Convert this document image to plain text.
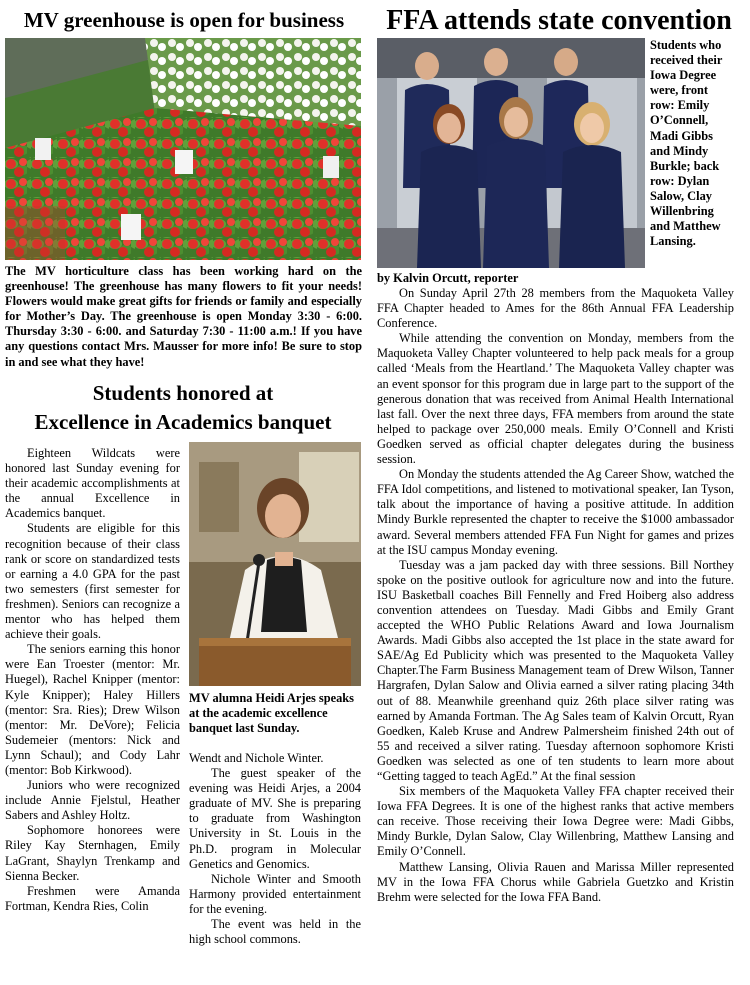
MV greenhouse is open for business

The MV horticulture class has been working hard on the greenhouse! The greenhouse has many flowers to fit your needs! Flowers would make great gifts for friends or family and especially for Mother’s Day. The greenhouse is open Monday 3:30 - 6:00. Thursday 3:30 - 6:00. and Saturday 7:30 - 11:00 a.m.! If you have any questions contact Mrs. Mausser for more info! Be sure to stop in and see what they have!

Students honored at
Excellence in Academics banquet

Eighteen Wildcats were honored last Sunday evening for their academic accomplishments at the annual Excellence in Academics banquet.

Students are eligible for this recognition because of their class rank or score on standardized tests or earning a 4.0 GPA for the past two semesters (first semester for freshmen). Seniors can recognize a mentor who has helped them achieve their goals.

The seniors earning this honor were Ean Troester (mentor: Mr. Huegel), Rachel Knipper (mentor: Kyle Knipper); Haley Hillers (mentor: Sra. Ries); Drew Wilson (mentor: Mr. DeVore); Felicia Sudemeier (mentors: Nick and Lynn Schaul); and Cody Lahr (mentor: Bob Kirkwood).

Juniors who were recognized include Annie Fjelstul, Heather Sabers and Ashley Holtz.

Sophomore honorees were Riley Kay Sternhagen, Emily LaGrant, Shaylyn Trenkamp and Sienna Becker.

Freshmen were Amanda Fortman, Kendra Ries, Colin

MV alumna Heidi Arjes speaks at the academic excellence banquet last Sunday.

Wendt and Nichole Winter.

The guest speaker of the evening was Heidi Arjes, a 2004 graduate of MV. She is preparing to graduate from Washington University in St. Louis in the Ph.D. program in Molecular Genetics and Genomics.

Nichole Winter and Smooth Harmony provided entertainment for the evening.

The event was held in the high school commons.

FFA attends state convention

Students who received their Iowa Degree were, front row: Emily O’Connell, Madi Gibbs and Mindy Burkle; back row: Dylan Salow, Clay Willenbring and Matthew Lansing.

by Kalvin Orcutt, reporter

On Sunday April 27th 28 members from the Maquoketa Valley FFA Chapter headed to Ames for the 86th Annual FFA Leadership Conference.

While attending the convention on Monday, members from the Maquoketa Valley Chapter volunteered to help pack meals for a group called ‘Meals from the Heartland.’ The Maquoketa Valley chapter was an event sponsor for this program due in large part to the support of the generous donation that was received from Animal Health International last fall. Over the next three days, FFA members from around the state helped to package over 250,000 meals. Emily O’Connell and Kristi Goedken served as official chapter delegates during the business session.

On Monday the students attended the Ag Career Show, watched the FFA Idol competitions, and listened to motivational speaker, Ian Tyson, talk about the importance of having a positive attitude. In addition Mindy Burkle represented the chapter to receive the $1000 ambassador award. Several members attended FFA Fun Night for games and prizes at the ISU campus Monday evening.

Tuesday was a jam packed day with three sessions. Bill Northey spoke on the positive outlook for agriculture now and into the future. ISU Basketball coaches Bill Fennelly and Fred Hoiberg also address convention attendees on Tuesday. Madi Gibbs and Emily Grant accepted the WHO Public Relations Award and Iowa Journalism Awards. Madi Gibbs also accepted the 1st place in the state award for SAE/Ag Ed Publicity which was presented to the Maquoketa Valley Chapter.The Farm Business Management team of Drew Wilson, Tanner Hargrafen, Dylan Salow and Olivia earned a silver rating placing 34th out of 88. Meanwhile greenhand quiz 26th place silver rating was earned by Amanda Fortman. The Ag Sales team of Kalvin Orcutt, Ryan Goedken, Kaleb Kruse and Andrew Palmersheim finished 24th out of 55 and received a silver rating. Tuesday afternoon sophomore Kristi Goedken was selected as one of ten students to learn more about “Getting tagged to teach AgEd.” At the final session

Six members of the Maquoketa Valley FFA chapter received their Iowa FFA Degrees. It is one of the highest ranks that active members can receive. Those receiving their Iowa Degree were: Madi Gibbs, Mindy Burkle, Dylan Salow, Clay Willenbring, Matthew Lansing and Emily O’Connell.

Matthew Lansing, Olivia Rauen and Marissa Miller represented MV in the Iowa FFA Chorus while Gabriela Guetzko and Kristin Brehm were selected for the Iowa FFA Band.
